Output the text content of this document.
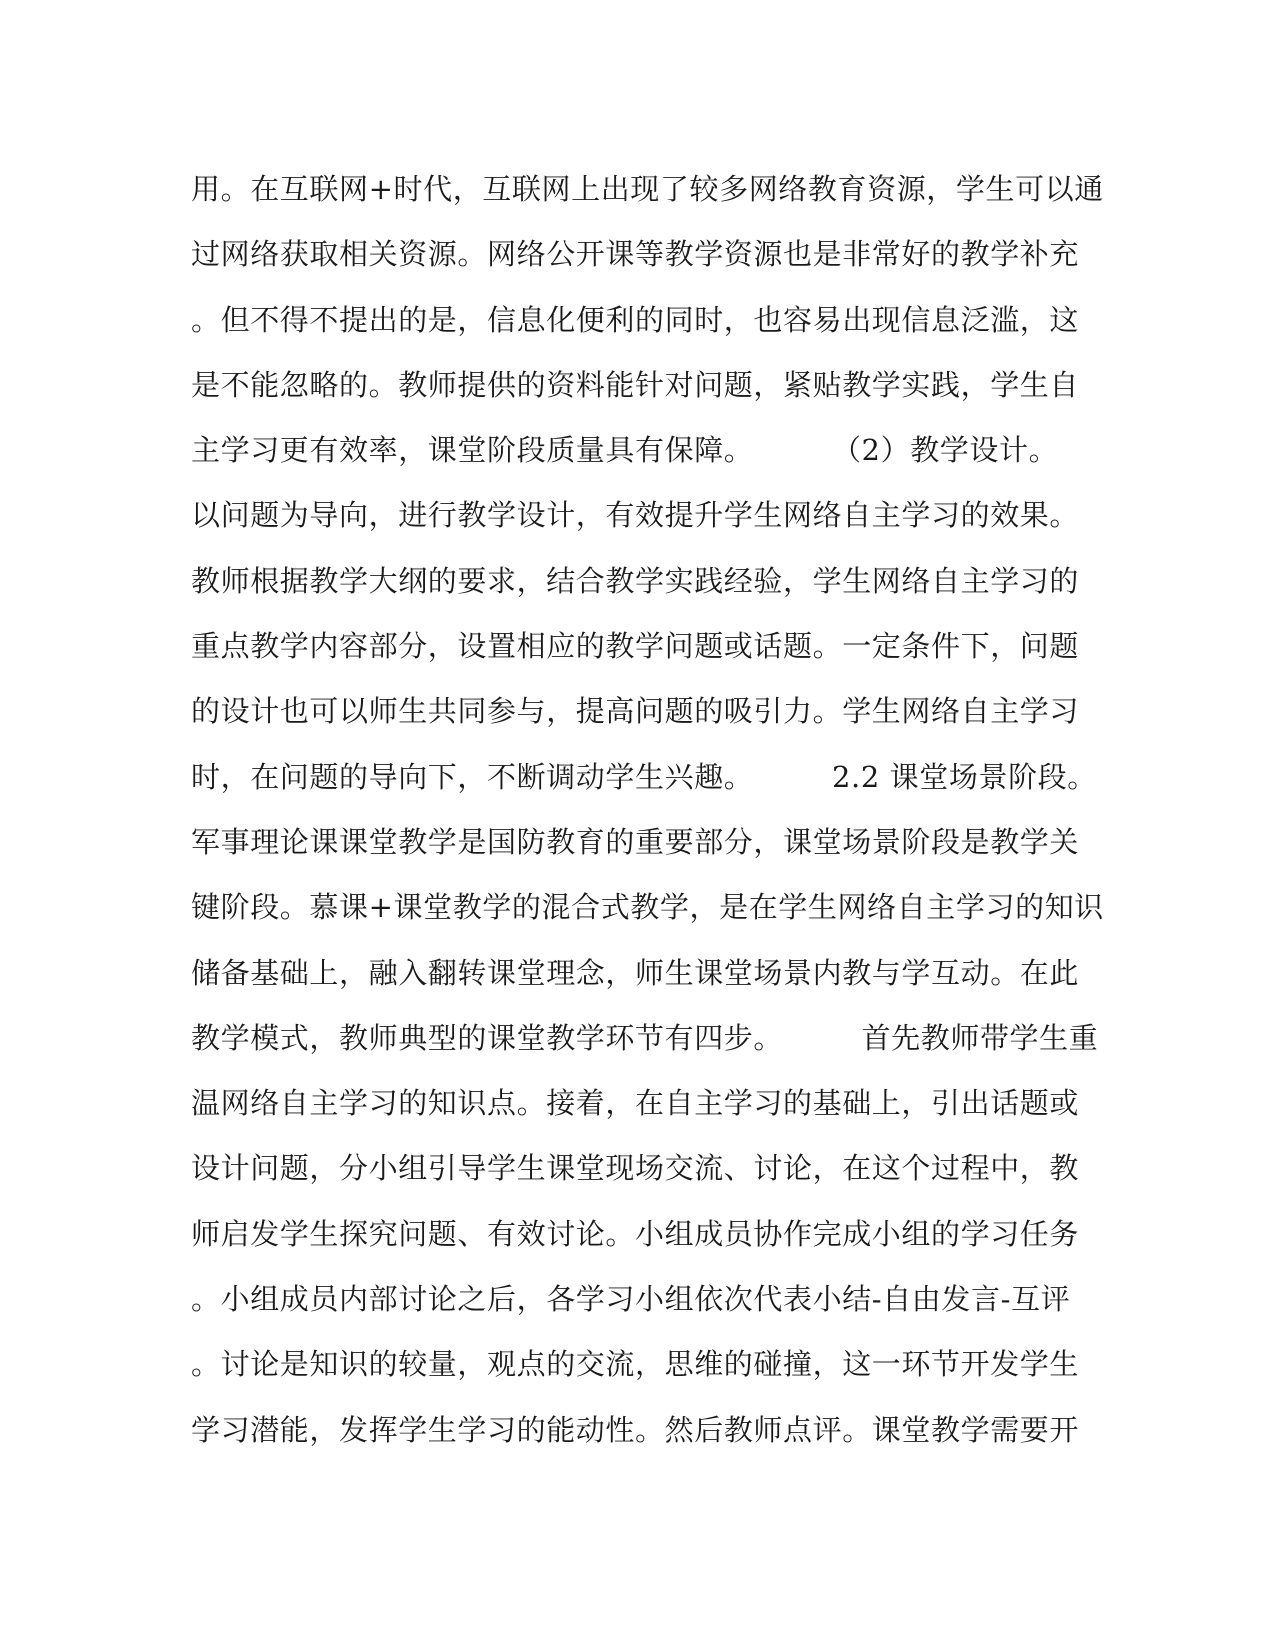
用。在互联网+时代，互联网上出现了较多网络教育资源，学生可以通
过网络获取相关资源。网络公开课等教学资源也是非常好的教学补充
。但不得不提出的是，信息化便利的同时，也容易出现信息泛滥，这
是不能忽略的。教师提供的资料能针对问题，紧贴教学实践，学生自
主学习更有效率，课堂阶段质量具有保障。        （2）教学设计。
以问题为导向，进行教学设计，有效提升学生网络自主学习的效果。
教师根据教学大纲的要求，结合教学实践经验，学生网络自主学习的
重点教学内容部分，设置相应的教学问题或话题。一定条件下，问题
的设计也可以师生共同参与，提高问题的吸引力。学生网络自主学习
时，在问题的导向下，不断调动学生兴趣。        2.2 课堂场景阶段。
军事理论课课堂教学是国防教育的重要部分，课堂场景阶段是教学关
键阶段。慕课+课堂教学的混合式教学，是在学生网络自主学习的知识
储备基础上，融入翻转课堂理念，师生课堂场景内教与学互动。在此
教学模式，教师典型的课堂教学环节有四步。        首先教师带学生重
温网络自主学习的知识点。接着，在自主学习的基础上，引出话题或
设计问题，分小组引导学生课堂现场交流、讨论，在这个过程中，教
师启发学生探究问题、有效讨论。小组成员协作完成小组的学习任务
。小组成员内部讨论之后，各学习小组依次代表小结-自由发言-互评
。讨论是知识的较量，观点的交流，思维的碰撞，这一环节开发学生
学习潜能，发挥学生学习的能动性。然后教师点评。课堂教学需要开
